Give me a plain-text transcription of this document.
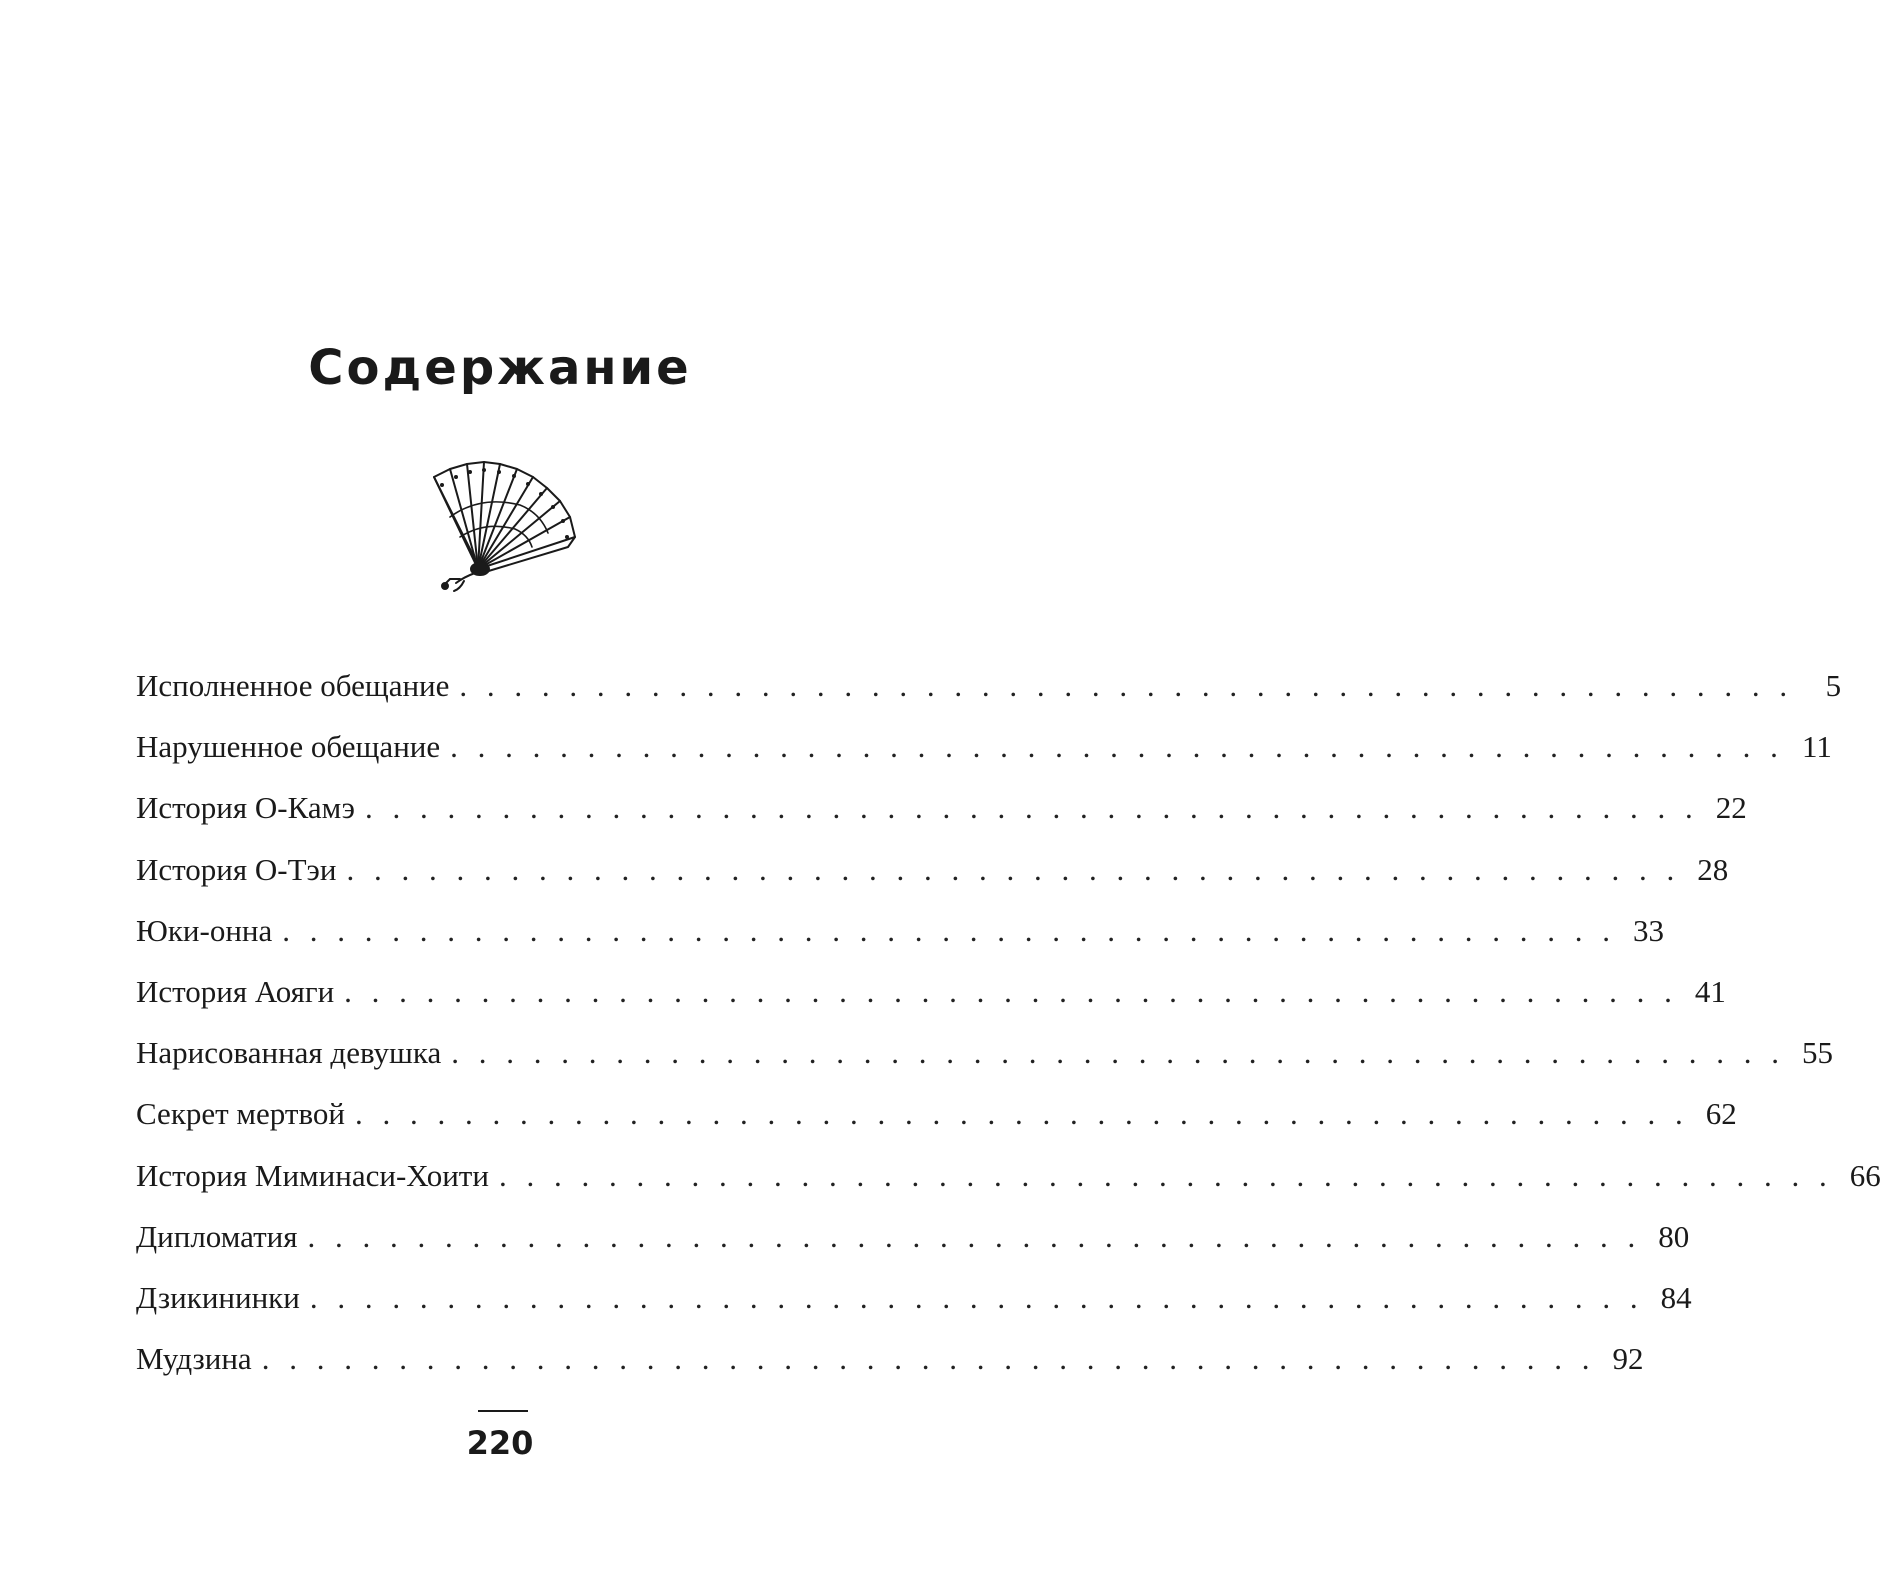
Содержание
Исполненное обещание . . . . . . . . . . . . . . . . . . . . . . . . . . . . . . . . . . . . . . . . . . . . . . . . .	5
Нарушенное обещание . . . . . . . . . . . . . . . . . . . . . . . . . . . . . . . . . . . . . . . . . . . . . . . . . 11
История О-Камэ . . . . . . . . . . . . . . . . . . . . . . . . . . . . . . . . . . . . . . . . . . . . . . . . . 22
История О-Тэи . . . . . . . . . . . . . . . . . . . . . . . . . . . . . . . . . . . . . . . . . . . . . . . . . 28
Юки-онна . . . . . . . . . . . . . . . . . . . . . . . . . . . . . . . . . . . . . . . . . . . . . . . . . 33
История Аояги . . . . . . . . . . . . . . . . . . . . . . . . . . . . . . . . . . . . . . . . . . . . . . . . . 41
Нарисованная девушка . . . . . . . . . . . . . . . . . . . . . . . . . . . . . . . . . . . . . . . . . . . . . . . . . 55
Секрет мертвой . . . . . . . . . . . . . . . . . . . . . . . . . . . . . . . . . . . . . . . . . . . . . . . . . 62
История Миминаси-Хоити . . . . . . . . . . . . . . . . . . . . . . . . . . . . . . . . . . . . . . . . . . . . . . . . . 66
Дипломатия . . . . . . . . . . . . . . . . . . . . . . . . . . . . . . . . . . . . . . . . . . . . . . . . . 80
Дзикининки . . . . . . . . . . . . . . . . . . . . . . . . . . . . . . . . . . . . . . . . . . . . . . . . . 84
Мудзина . . . . . . . . . . . . . . . . . . . . . . . . . . . . . . . . . . . . . . . . . . . . . . . . . 92
220
